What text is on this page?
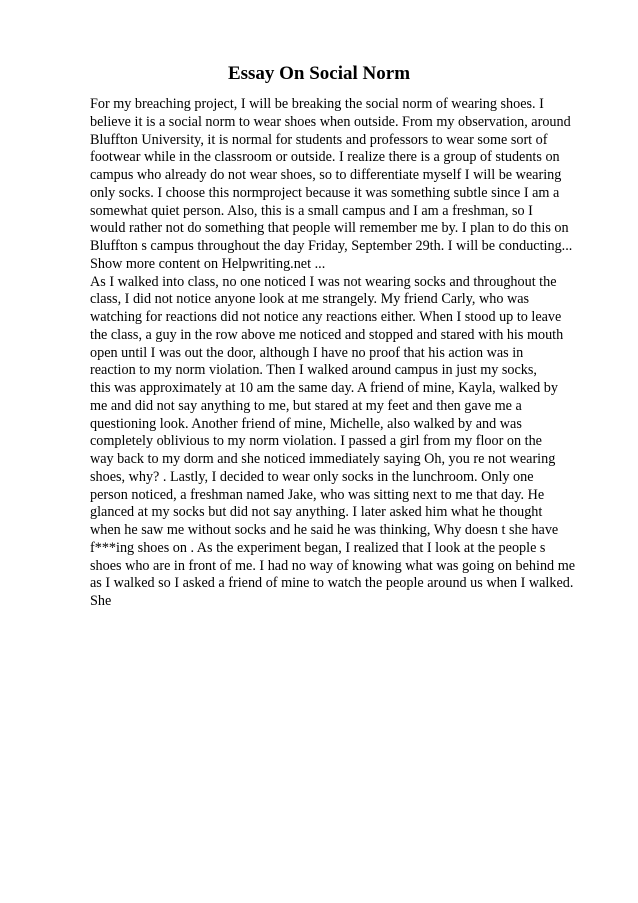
Essay On Social Norm
For my breaching project, I will be breaking the social norm of wearing shoes. I
believe it is a social norm to wear shoes when outside. From my observation, around
Bluffton University, it is normal for students and professors to wear some sort of
footwear while in the classroom or outside. I realize there is a group of students on
campus who already do not wear shoes, so to differentiate myself I will be wearing
only socks. I choose this normproject because it was something subtle since I am a
somewhat quiet person. Also, this is a small campus and I am a freshman, so I
would rather not do something that people will remember me by. I plan to do this on
Bluffton s campus throughout the day Friday, September 29th. I will be conducting...
Show more content on Helpwriting.net ...
As I walked into class, no one noticed I was not wearing socks and throughout the
class, I did not notice anyone look at me strangely. My friend Carly, who was
watching for reactions did not notice any reactions either. When I stood up to leave
the class, a guy in the row above me noticed and stopped and stared with his mouth
open until I was out the door, although I have no proof that his action was in
reaction to my norm violation. Then I walked around campus in just my socks,
this was approximately at 10 am the same day. A friend of mine, Kayla, walked by
me and did not say anything to me, but stared at my feet and then gave me a
questioning look. Another friend of mine, Michelle, also walked by and was
completely oblivious to my norm violation. I passed a girl from my floor on the
way back to my dorm and she noticed immediately saying Oh, you re not wearing
shoes, why? . Lastly, I decided to wear only socks in the lunchroom. Only one
person noticed, a freshman named Jake, who was sitting next to me that day. He
glanced at my socks but did not say anything. I later asked him what he thought
when he saw me without socks and he said he was thinking, Why doesn t she have
f***ing shoes on . As the experiment began, I realized that I look at the people s
shoes who are in front of me. I had no way of knowing what was going on behind me
as I walked so I asked a friend of mine to watch the people around us when I walked.
She
